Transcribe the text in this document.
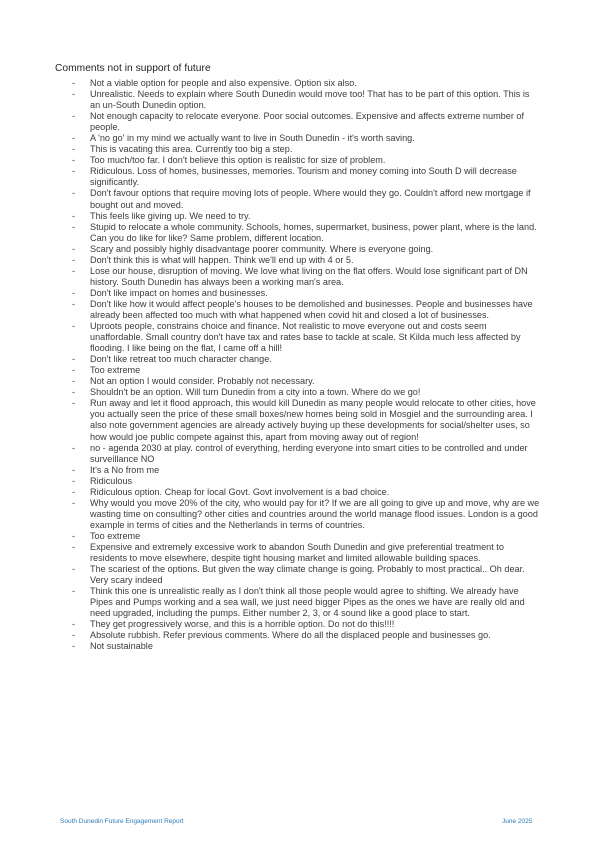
Comments not in support of future
- Not a viable option for people and also expensive. Option six also.
- Unrealistic. Needs to explain where South Dunedin would move too! That has to be part of this option. This is an un-South Dunedin option.
- Not enough capacity to relocate everyone. Poor social outcomes. Expensive and affects extreme number of people.
- A 'no go' in my mind we actually want to live in South Dunedin - it's worth saving.
- This is vacating this area. Currently too big a step.
- Too much/too far. I don't believe this option is realistic for size of problem.
- Ridiculous. Loss of homes, businesses, memories. Tourism and money coming into South D will decrease significantly.
- Don't favour options that require moving lots of people. Where would they go. Couldn't afford new mortgage if bought out and moved.
- This feels like giving up. We need to try.
- Stupid to relocate a whole community. Schools, homes, supermarket, business, power plant, where is the land. Can you do like for like? Same problem, different location.
- Scary and possibly highly disadvantage poorer community. Where is everyone going.
- Don't think this is what will happen. Think we'll end up with 4 or 5.
- Lose our house, disruption of moving. We love what living on the flat offers. Would lose significant part of DN history. South Dunedin has always been a working man's area.
- Don't like impact on homes and businesses.
- Don't like how it would affect people's houses to be demolished and businesses. People and businesses have already been affected too much with what happened when covid hit and closed a lot of businesses.
- Uproots people, constrains choice and finance. Not realistic to move everyone out and costs seem unaffordable. Small country don't have tax and rates base to tackle at scale. St Kilda much less affected by flooding. I like being on the flat, I came off a hill!
- Don't like retreat too much character change.
- Too extreme
- Not an option I would consider. Probably not necessary.
- Shouldn't be an option. Will turn Dunedin from a city into a town. Where do we go!
- Run away and let it flood approach, this would kill Dunedin as many people would relocate to other cities, hove you actually seen the price of these small boxes/new homes being sold in Mosgiel and the surrounding area. I also note government agencies are already actively buying up these developments for social/shelter uses, so how would joe public compete against this, apart from moving away out of region!
- no - agenda 2030 at play. control of everything, herding everyone into smart cities to be controlled and under surveillance NO
- It's a No from me
- Ridiculous
- Ridiculous option. Cheap for local Govt. Govt involvement is a bad choice.
- Why would you move 20% of the city, who would pay for it? If we are all going to give up and move, why are we wasting time on consulting? other cities and countries around the world manage flood issues. London is a good example in terms of cities and the Netherlands in terms of countries.
- Too extreme
- Expensive and extremely excessive work to abandon South Dunedin and give preferential treatment to residents to move elsewhere, despite tight housing market and limited allowable building spaces.
- The scariest of the options. But given the way climate change is going. Probably to most practical.. Oh dear. Very scary indeed
- Think this one is unrealistic really as I don't think all those people would agree to shifting. We already have Pipes and Pumps working and a sea wall, we just need bigger Pipes as the ones we have are really old and need upgraded, including the pumps. Either number 2, 3, or 4 sound like a good place to start.
- They get progressively worse, and this is a horrible option. Do not do this!!!!
- Absolute rubbish. Refer previous comments. Where do all the displaced people and businesses go.
- Not sustainable
South Dunedin Future Engagement Report	June 2025
